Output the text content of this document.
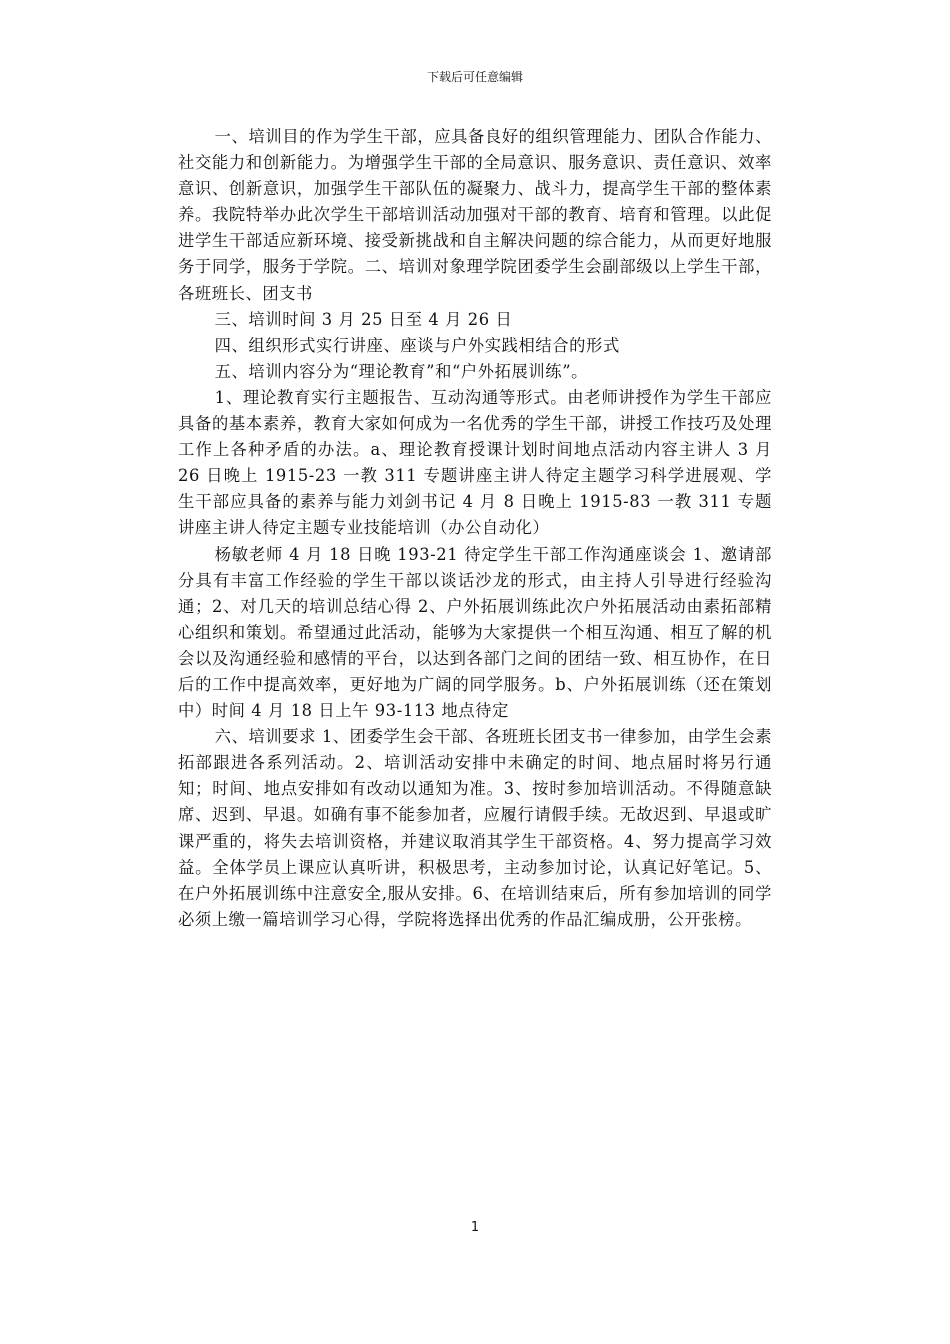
下载后可任意编辑

一、培训目的作为学生干部，应具备良好的组织管理能力、团队合作能力、社交能力和创新能力。为增强学生干部的全局意识、服务意识、责任意识、效率意识、创新意识，加强学生干部队伍的凝聚力、战斗力，提高学生干部的整体素养。我院特举办此次学生干部培训活动加强对干部的教育、培育和管理。以此促进学生干部适应新环境、接受新挑战和自主解决问题的综合能力，从而更好地服务于同学，服务于学院。二、培训对象理学院团委学生会副部级以上学生干部，各班班长、团支书

三、培训时间 3 月 25 日至 4 月 26 日

四、组织形式实行讲座、座谈与户外实践相结合的形式

五、培训内容分为“理论教育”和“户外拓展训练”。

1、理论教育实行主题报告、互动沟通等形式。由老师讲授作为学生干部应具备的基本素养，教育大家如何成为一名优秀的学生干部，讲授工作技巧及处理工作上各种矛盾的办法。a、理论教育授课计划时间地点活动内容主讲人 3 月 26 日晚上 1915-23 一教 311 专题讲座主讲人待定主题学习科学进展观、学生干部应具备的素养与能力刘剑书记 4 月 8 日晚上 1915-83 一教 311 专题讲座主讲人待定主题专业技能培训（办公自动化）

杨敏老师 4 月 18 日晚 193-21 待定学生干部工作沟通座谈会 1、邀请部分具有丰富工作经验的学生干部以谈话沙龙的形式，由主持人引导进行经验沟通；2、对几天的培训总结心得 2、户外拓展训练此次户外拓展活动由素拓部精心组织和策划。希望通过此活动，能够为大家提供一个相互沟通、相互了解的机会以及沟通经验和感情的平台，以达到各部门之间的团结一致、相互协作，在日后的工作中提高效率，更好地为广阔的同学服务。b、户外拓展训练（还在策划中）时间 4 月 18 日上午 93-113 地点待定

六、培训要求 1、团委学生会干部、各班班长团支书一律参加，由学生会素拓部跟进各系列活动。2、培训活动安排中未确定的时间、地点届时将另行通知；时间、地点安排如有改动以通知为准。3、按时参加培训活动。不得随意缺席、迟到、早退。如确有事不能参加者，应履行请假手续。无故迟到、早退或旷课严重的，将失去培训资格，并建议取消其学生干部资格。4、努力提高学习效益。全体学员上课应认真听讲，积极思考，主动参加讨论，认真记好笔记。5、在户外拓展训练中注意安全,服从安排。6、在培训结束后，所有参加培训的同学必须上缴一篇培训学习心得，学院将选择出优秀的作品汇编成册，公开张榜。

1
